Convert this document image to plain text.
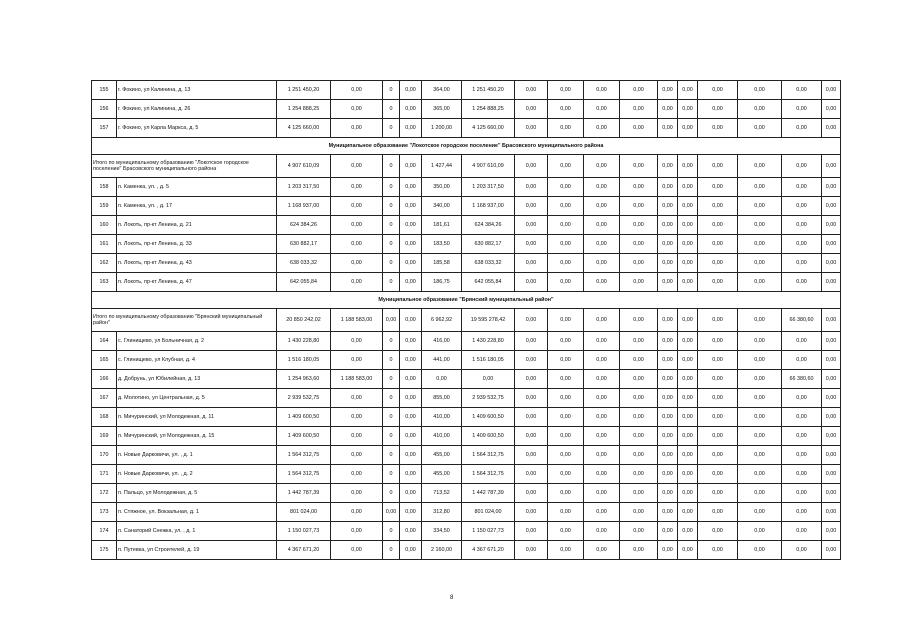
155	г. Фокино, ул Калинина, д. 13	1 251 450,20	0,00	0	0,00	364,00	1 251 450,20	0,00	0,00	0,00	0,00	0,00	0,00	0,00	0,00	0,00	0,00
156	г. Фокино, ул Калинина, д. 26	1 254 888,25	0,00	0	0,00	365,00	1 254 888,25	0,00	0,00	0,00	0,00	0,00	0,00	0,00	0,00	0,00	0,00
157	г. Фокино, ул Карла Маркса, д. 5	4 125 660,00	0,00	0	0,00	1 200,00	4 125 660,00	0,00	0,00	0,00	0,00	0,00	0,00	0,00	0,00	0,00	0,00
Муниципальное образование "Локотское городское поселение" Брасовского муниципального района																	
Итого по муниципальному образованию "Локотское городское поселение" Брасовского муниципального района		4 907 610,09	0,00	0	0,00	1 427,44	4 907 610,09	0,00	0,00	0,00	0,00	0,00	0,00	0,00	0,00	0,00	0,00
158	п. Каменка, ул. , д. 5	1 203 317,50	0,00	0	0,00	350,00	1 203 317,50	0,00	0,00	0,00	0,00	0,00	0,00	0,00	0,00	0,00	0,00
159	п. Каменка, ул. , д. 17	1 168 937,00	0,00	0	0,00	340,00	1 168 937,00	0,00	0,00	0,00	0,00	0,00	0,00	0,00	0,00	0,00	0,00
160	п. Локоть, пр-кт Ленина, д. 21	624 384,26	0,00	0	0,00	181,61	624 384,26	0,00	0,00	0,00	0,00	0,00	0,00	0,00	0,00	0,00	0,00
161	п. Локоть, пр-кт Ленина, д. 33	630 882,17	0,00	0	0,00	183,50	630 882,17	0,00	0,00	0,00	0,00	0,00	0,00	0,00	0,00	0,00	0,00
162	п. Локоть, пр-кт Ленина, д. 43	638 033,32	0,00	0	0,00	185,58	638 033,32	0,00	0,00	0,00	0,00	0,00	0,00	0,00	0,00	0,00	0,00
163	п. Локоть, пр-кт Ленина, д. 47	642 055,84	0,00	0	0,00	186,75	642 055,84	0,00	0,00	0,00	0,00	0,00	0,00	0,00	0,00	0,00	0,00
Муниципальное образование "Брянский муниципальный район"																	
Итого по муниципальному образованию "Брянский муниципальный район"		20 850 242,02	1 188 583,00	0,00	0,00	6 962,92	19 595 278,42	0,00	0,00	0,00	0,00	0,00	0,00	0,00	0,00	66 380,60	0,00
164	с. Глинищево, ул Больничная, д. 2	1 430 228,80	0,00	0	0,00	416,00	1 430 228,80	0,00	0,00	0,00	0,00	0,00	0,00	0,00	0,00	0,00	0,00
165	с. Глинищево, ул Клубная, д. 4	1 516 180,05	0,00	0	0,00	441,00	1 516 180,05	0,00	0,00	0,00	0,00	0,00	0,00	0,00	0,00	0,00	0,00
166	д. Добрунь, ул Юбилейная, д. 13	1 254 963,60	1 188 583,00	0	0,00	0,00	0,00	0,00	0,00	0,00	0,00	0,00	0,00	0,00	0,00	66 380,60	0,00
167	д. Молотино, ул Центральная, д. 5	2 939 532,75	0,00	0	0,00	855,00	2 939 532,75	0,00	0,00	0,00	0,00	0,00	0,00	0,00	0,00	0,00	0,00
168	п. Мичуринский, ул Молодежная, д. 11	1 409 600,50	0,00	0	0,00	410,00	1 409 600,50	0,00	0,00	0,00	0,00	0,00	0,00	0,00	0,00	0,00	0,00
169	п. Мичуринский, ул Молодежная, д. 15	1 409 600,50	0,00	0	0,00	410,00	1 409 600,50	0,00	0,00	0,00	0,00	0,00	0,00	0,00	0,00	0,00	0,00
170	п. Новые Дарковичи, ул. , д. 1	1 564 312,75	0,00	0	0,00	455,00	1 564 312,75	0,00	0,00	0,00	0,00	0,00	0,00	0,00	0,00	0,00	0,00
171	п. Новые Дарковичи, ул. , д. 2	1 564 312,75	0,00	0	0,00	455,00	1 564 312,75	0,00	0,00	0,00	0,00	0,00	0,00	0,00	0,00	0,00	0,00
172	п. Пальцо, ул Молодежная, д. 5	1 442 787,39	0,00	0	0,00	713,52	1 442 787,39	0,00	0,00	0,00	0,00	0,00	0,00	0,00	0,00	0,00	0,00
173	п. Стяжное, ул. Вокзальная, д. 1	801 024,00	0,00	0,00	0,00	312,80	801 024,00	0,00	0,00	0,00	0,00	0,00	0,00	0,00	0,00	0,00	0,00
174	п. Санаторий Снежка, ул. , д. 1	1 150 027,73	0,00	0	0,00	334,50	1 150 027,73	0,00	0,00	0,00	0,00	0,00	0,00	0,00	0,00	0,00	0,00
175	п. Путевка, ул Строителей, д. 19	4 367 671,20	0,00	0	0,00	2 160,00	4 367 671,20	0,00	0,00	0,00	0,00	0,00	0,00	0,00	0,00	0,00	0,00
8
